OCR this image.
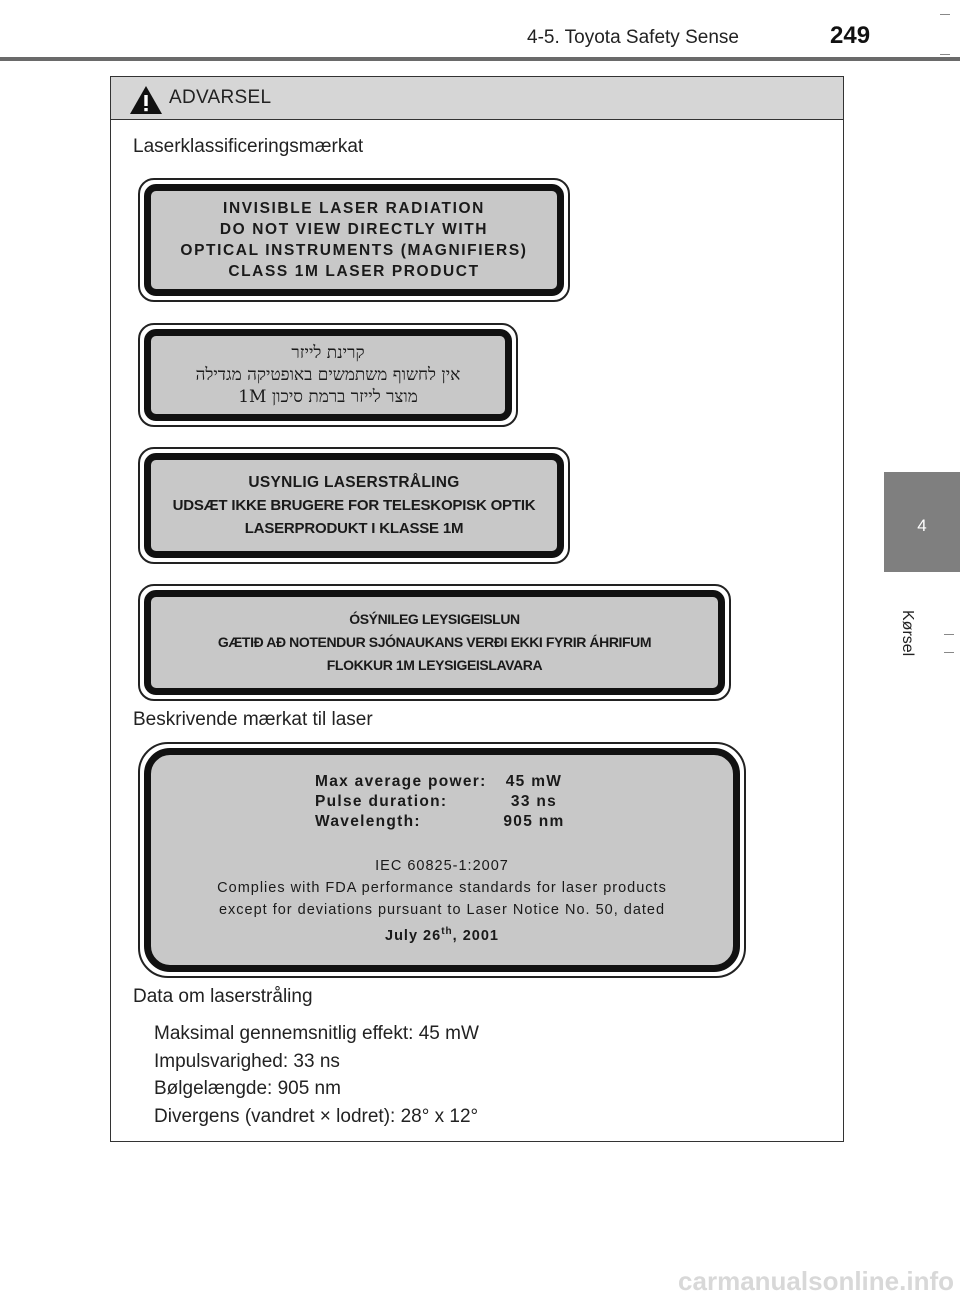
4-5. Toyota Safety Sense	249
4
Kørsel
ADVARSEL
Laserklassificeringsmærkat
INVISIBLE LASER RADIATION
DO NOT VIEW DIRECTLY WITH
OPTICAL INSTRUMENTS (MAGNIFIERS)
CLASS 1M LASER PRODUCT
קרינת לייזר
אין לחשוף משתמשים באופטיקה מגדילה
מוצר לייזר ברמת סיכון 1M
USYNLIG LASERSTRÅLING
UDSÆT IKKE BRUGERE FOR TELESKOPISK OPTIK
LASERPRODUKT I KLASSE 1M
ÓSÝNILEG LEYSIGEISLUN
GÆTIÐ AÐ NOTENDUR SJÓNAUKANS VERÐI EKKI FYRIR ÁHRIFUM
FLOKKUR 1M LEYSIGEISLAVARA
Beskrivende mærkat til laser
Max average power:	45 mW
Pulse duration:	33 ns
Wavelength:	905 nm
IEC 60825-1:2007
Complies with FDA performance standards for laser products
except for deviations pursuant to Laser Notice No. 50, dated
July 26th, 2001
Data om laserstråling
Maksimal gennemsnitlig effekt: 45 mW
Impulsvarighed: 33 ns
Bølgelængde: 905 nm
Divergens (vandret × lodret): 28° x 12°
carmanualsonline.info
